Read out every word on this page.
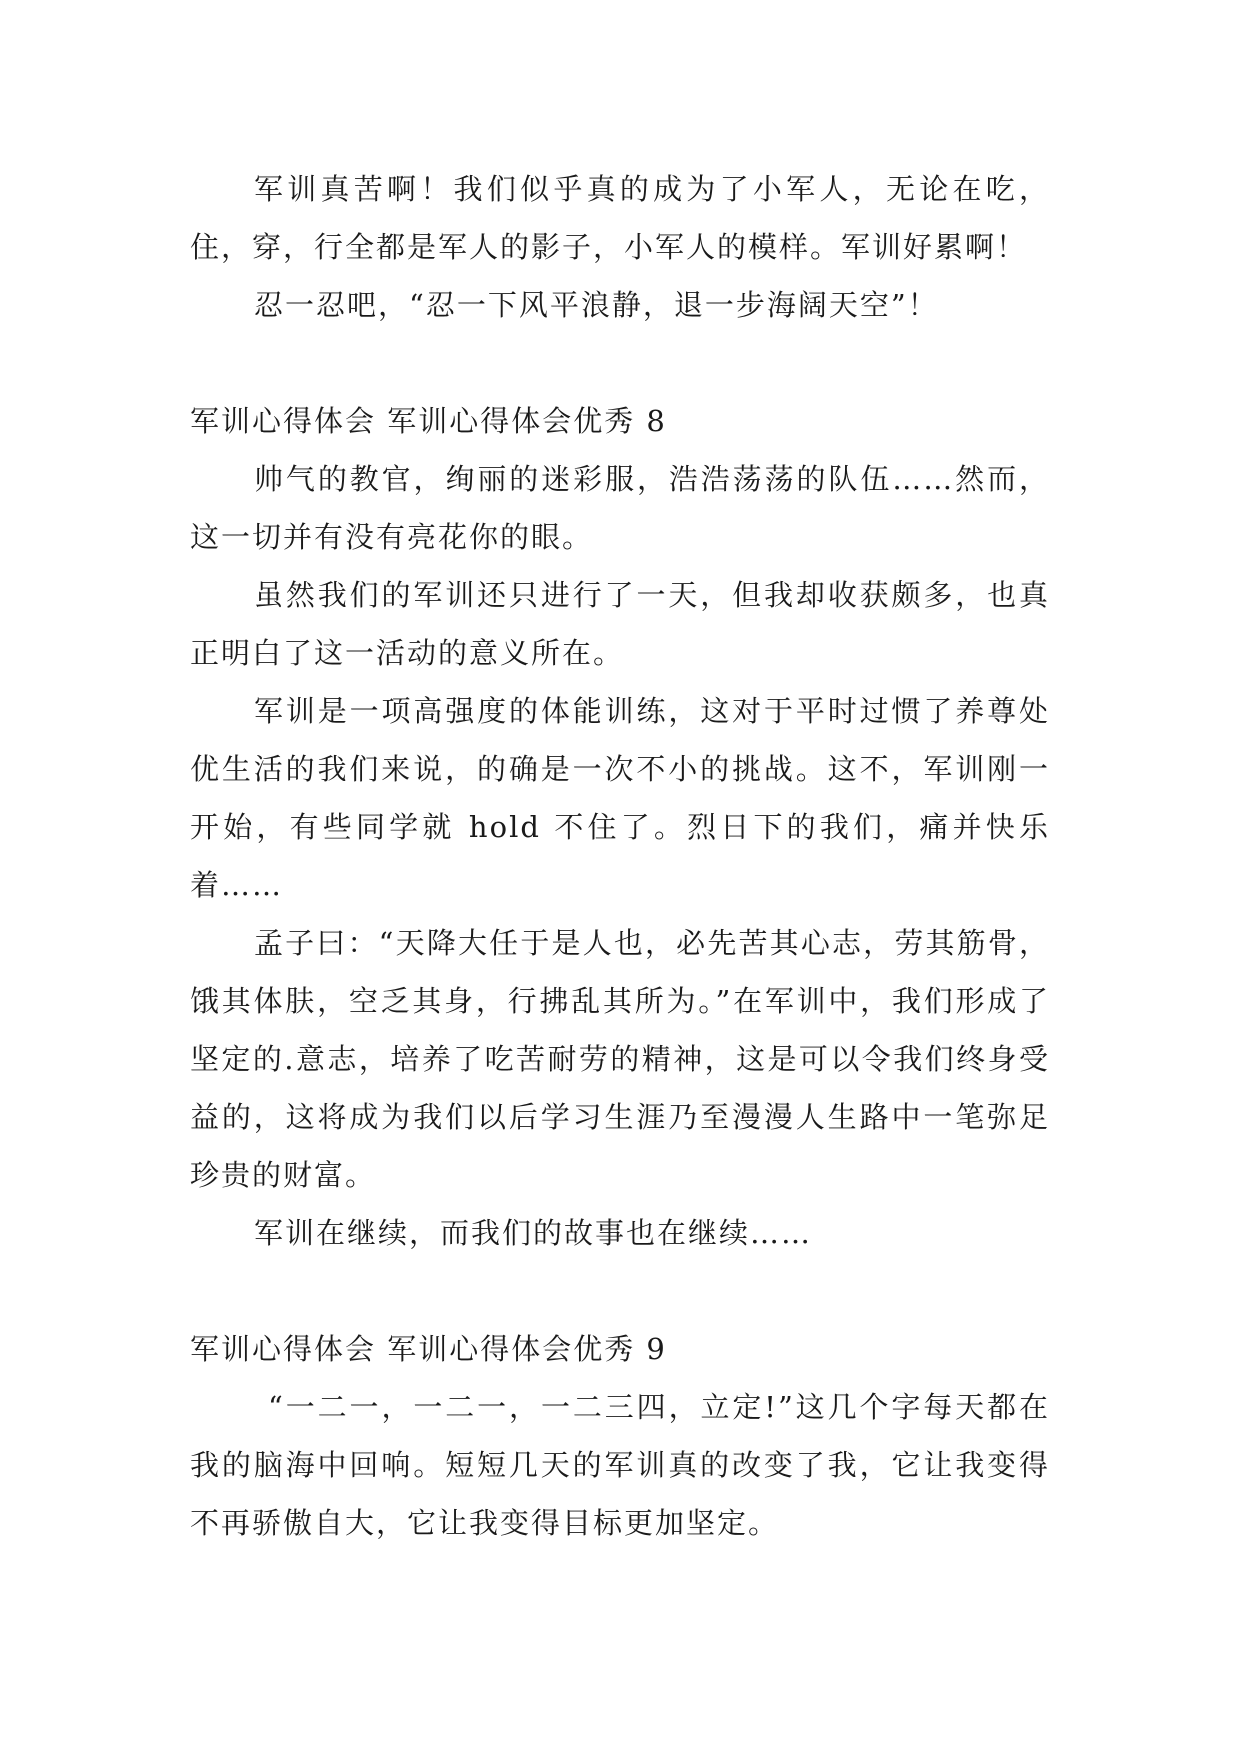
军训真苦啊！我们似乎真的成为了小军人，无论在吃，住，穿，行全都是军人的影子，小军人的模样。军训好累啊！

忍一忍吧，“忍一下风平浪静，退一步海阔天空”！

军训心得体会 军训心得体会优秀 8

帅气的教官，绚丽的迷彩服，浩浩荡荡的队伍……然而，这一切并有没有亮花你的眼。

虽然我们的军训还只进行了一天，但我却收获颇多，也真正明白了这一活动的意义所在。

军训是一项高强度的体能训练，这对于平时过惯了养尊处优生活的我们来说，的确是一次不小的挑战。这不，军训刚一开始，有些同学就 hold 不住了。烈日下的我们，痛并快乐着……

孟子曰：“天降大任于是人也，必先苦其心志，劳其筋骨，饿其体肤，空乏其身，行拂乱其所为。”在军训中，我们形成了坚定的.意志，培养了吃苦耐劳的精神，这是可以令我们终身受益的，这将成为我们以后学习生涯乃至漫漫人生路中一笔弥足珍贵的财富。

军训在继续，而我们的故事也在继续……

军训心得体会 军训心得体会优秀 9

“一二一，一二一，一二三四，立定!”这几个字每天都在我的脑海中回响。短短几天的军训真的改变了我，它让我变得不再骄傲自大，它让我变得目标更加坚定。
